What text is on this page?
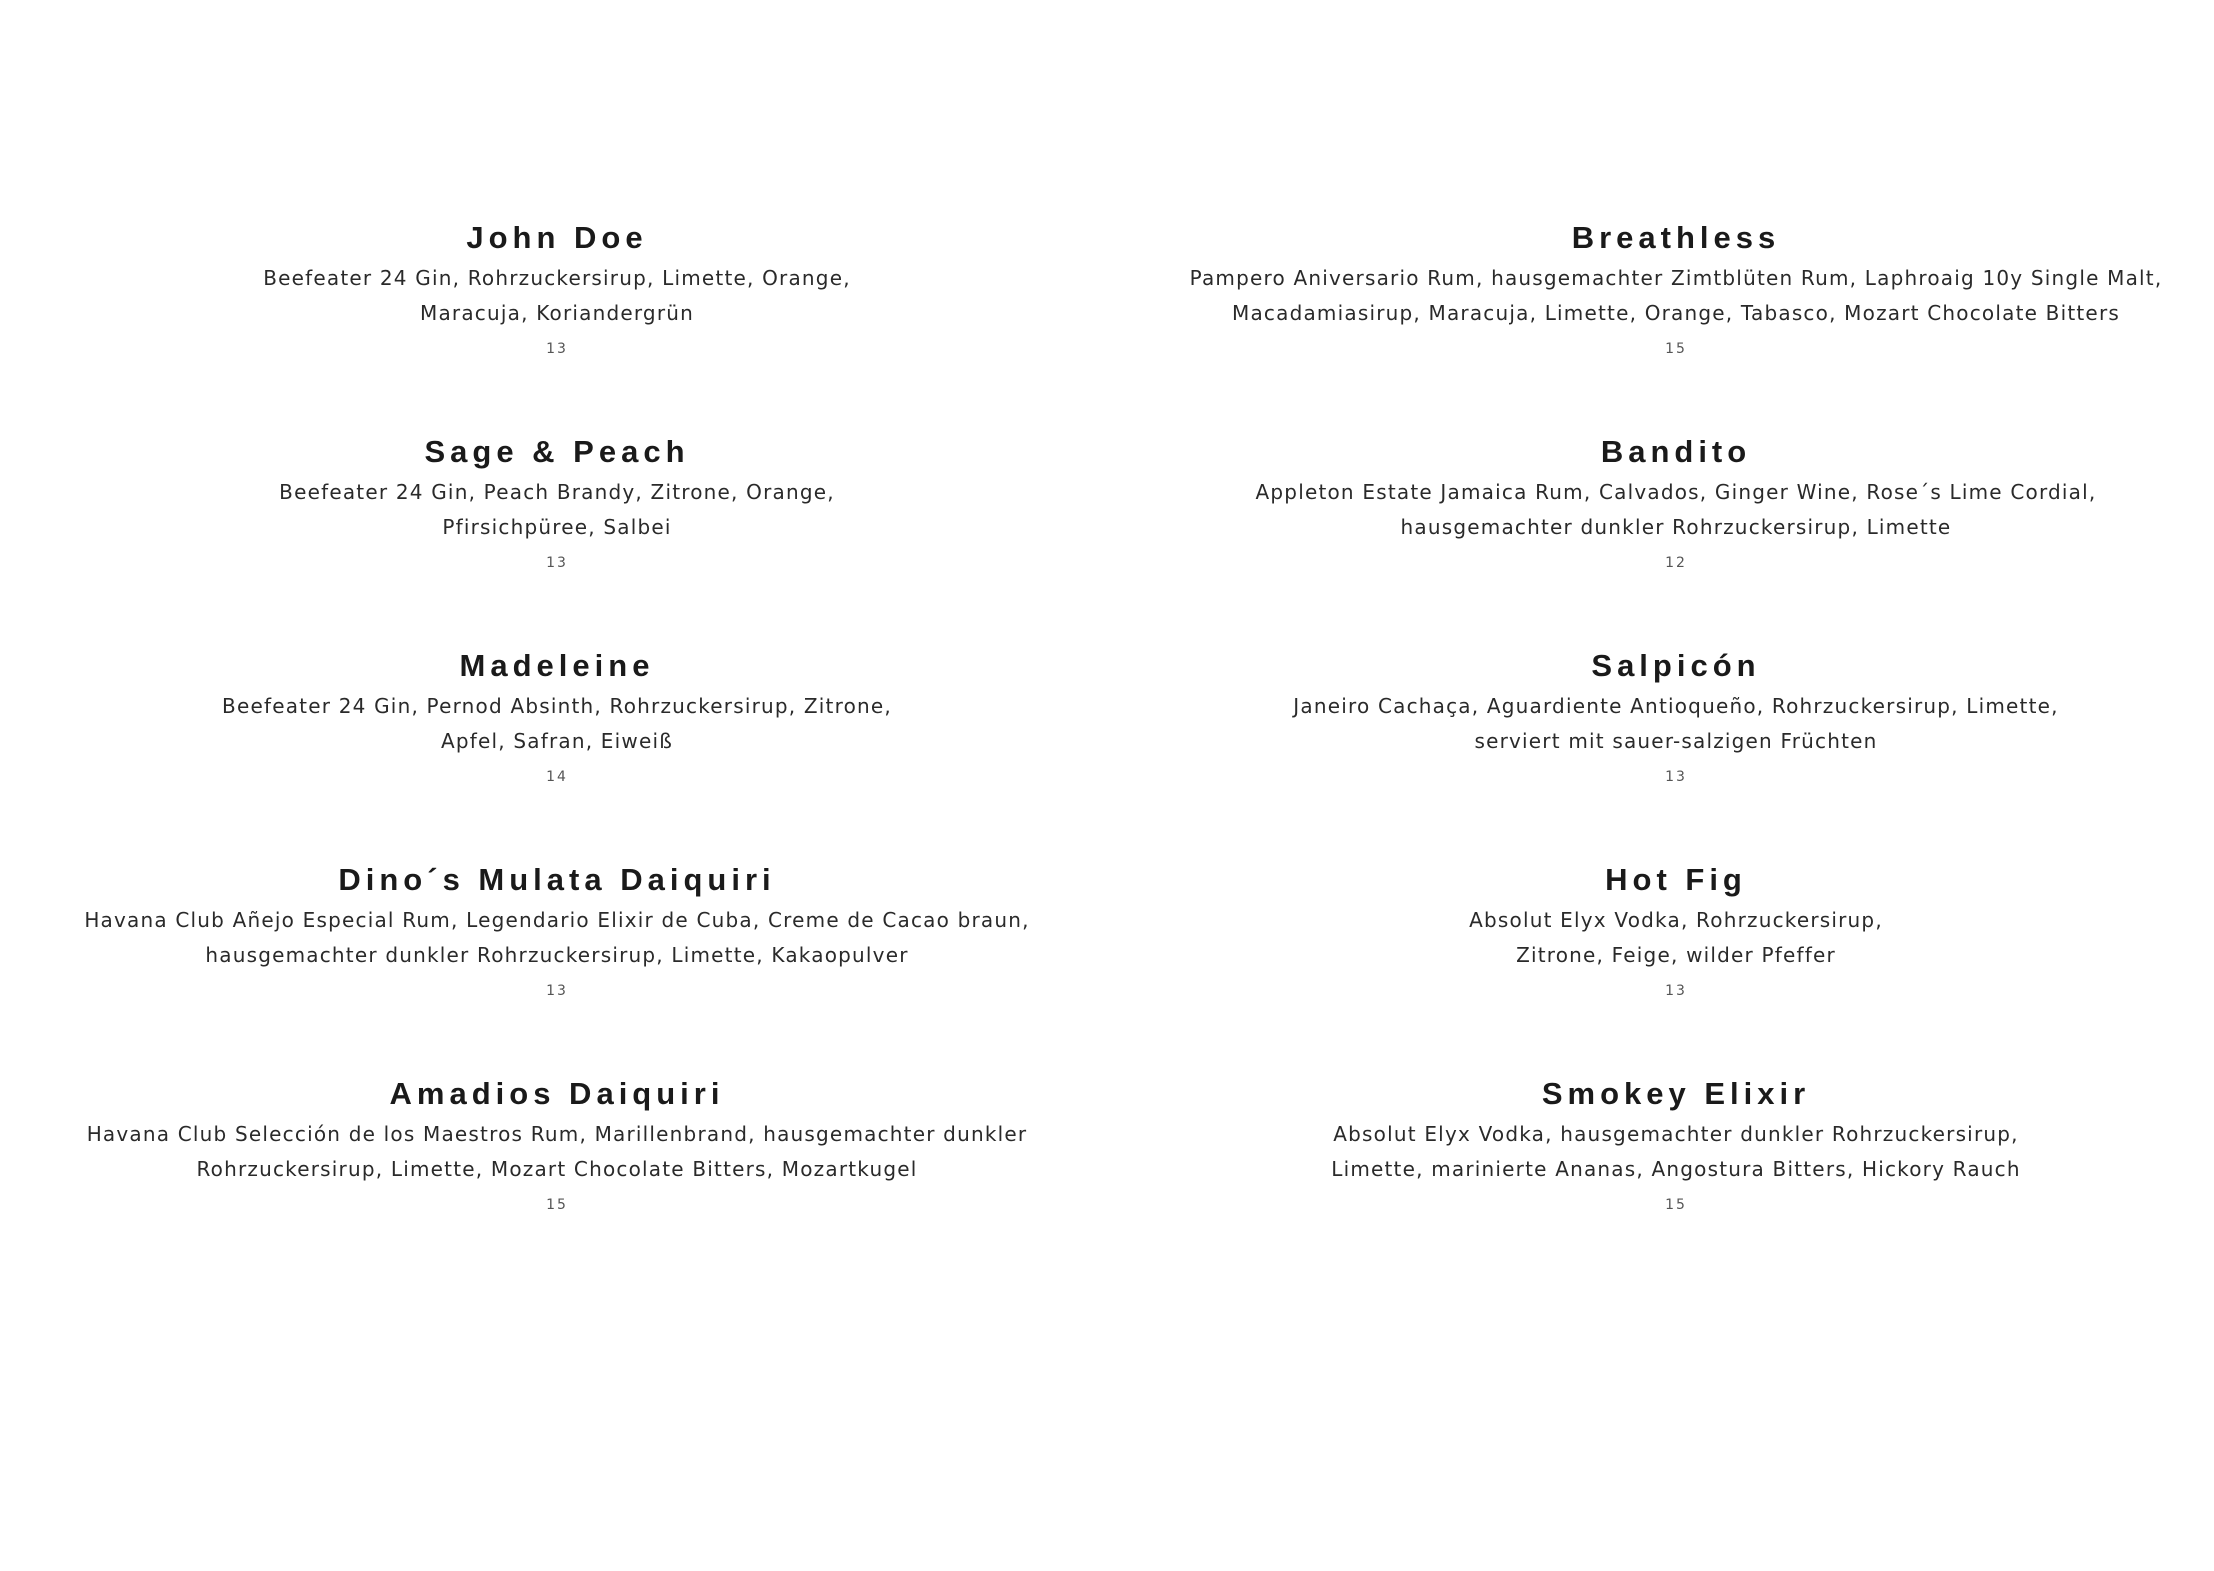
John Doe
Beefeater 24 Gin, Rohrzuckersirup, Limette, Orange,
Maracuja, Koriandergrün
13
Sage & Peach
Beefeater 24 Gin, Peach Brandy, Zitrone, Orange,
Pfirsichpüree, Salbei
13
Madeleine
Beefeater 24 Gin, Pernod Absinth, Rohrzuckersirup, Zitrone,
Apfel, Safran, Eiweiß
14
Dino´s Mulata Daiquiri
Havana Club Añejo Especial Rum, Legendario Elixir de Cuba, Creme de Cacao braun,
hausgemachter dunkler Rohrzuckersirup, Limette, Kakaopulver
13
Amadios Daiquiri
Havana Club Selección de los Maestros Rum, Marillenbrand, hausgemachter dunkler
Rohrzuckersirup, Limette, Mozart Chocolate Bitters, Mozartkugel
15
Breathless
Pampero Aniversario Rum, hausgemachter Zimtblüten Rum, Laphroaig 10y Single Malt,
Macadamiasirup, Maracuja, Limette, Orange, Tabasco, Mozart Chocolate Bitters
15
Bandito
Appleton Estate Jamaica Rum, Calvados, Ginger Wine, Rose´s Lime Cordial,
hausgemachter dunkler Rohrzuckersirup, Limette
12
Salpicón
Janeiro Cachaça, Aguardiente Antioqueño, Rohrzuckersirup, Limette,
serviert mit sauer-salzigen Früchten
13
Hot Fig
Absolut Elyx Vodka, Rohrzuckersirup,
Zitrone, Feige, wilder Pfeffer
13
Smokey Elixir
Absolut Elyx Vodka, hausgemachter dunkler Rohrzuckersirup,
Limette, marinierte Ananas, Angostura Bitters, Hickory Rauch
15
